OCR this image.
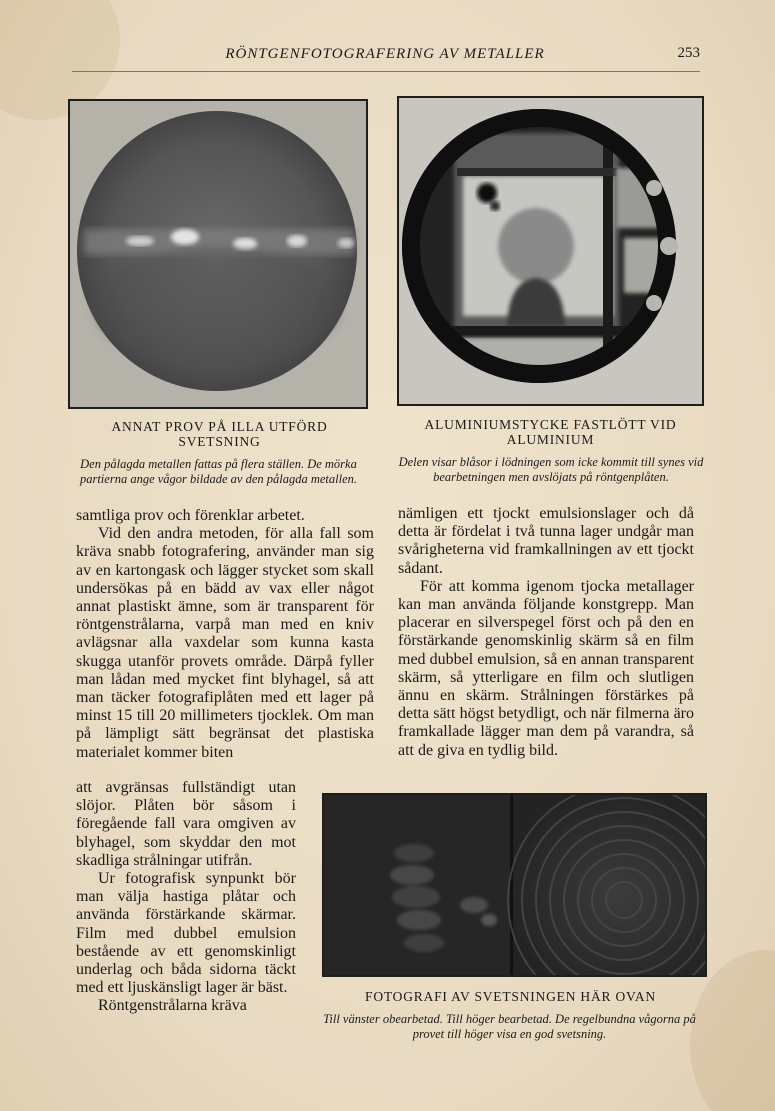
RÖNTGENFOTOGRAFERING AV METALLER	253
ANNAT PROV PÅ ILLA UTFÖRD SVETSNING
Den pålagda metallen fattas på flera ställen. De mörka partierna ange vågor bildade av den pålagda metallen.
ALUMINIUMSTYCKE FASTLÖTT VID ALUMINIUM
Delen visar blåsor i lödningen som icke kommit till synes vid bearbetningen men avslöjats på röntgenplåten.

samtliga prov och förenklar arbetet.

Vid den andra metoden, för alla fall som kräva snabb fotografering, använder man sig av en kartongask och lägger stycket som skall undersökas på en bädd av vax eller något annat plastiskt ämne, som är transparent för röntgenstrålarna, varpå man med en kniv avlägsnar alla vaxdelar som kunna kasta skugga utanför provets område. Därpå fyller man lådan med mycket fint blyhagel, så att man täcker fotografiplåten med ett lager på minst 15 till 20 millimeters tjocklek. Om man på lämpligt sätt begränsat det plastiska materialet kommer biten

att avgränsas fullständigt utan slöjor. Plåten bör såsom i föregående fall vara omgiven av blyhagel, som skyddar den mot skadliga strålningar utifrån.

Ur fotografisk synpunkt bör man välja hastiga plåtar och använda förstärkande skärmar. Film med dubbel emulsion bestående av ett genomskinligt underlag och båda sidorna täckt med ett ljuskänsligt lager är bäst.

Röntgenstrålarna kräva

nämligen ett tjockt emulsionslager och då detta är fördelat i två tunna lager undgår man svårigheterna vid framkallningen av ett tjockt sådant.

För att komma igenom tjocka metallager kan man använda följande konstgrepp. Man placerar en silverspegel först och på den en förstärkande genomskinlig skärm så en film med dubbel emulsion, så en annan transparent skärm, så ytterligare en film och slutligen ännu en skärm. Strålningen förstärkes på detta sätt högst betydligt, och när filmerna äro framkallade lägger man dem på varandra, så att de giva en tydlig bild.

FOTOGRAFI AV SVETSNINGEN HÄR OVAN
Till vänster obearbetad. Till höger bearbetad. De regelbundna vågorna på provet till höger visa en god svetsning.
